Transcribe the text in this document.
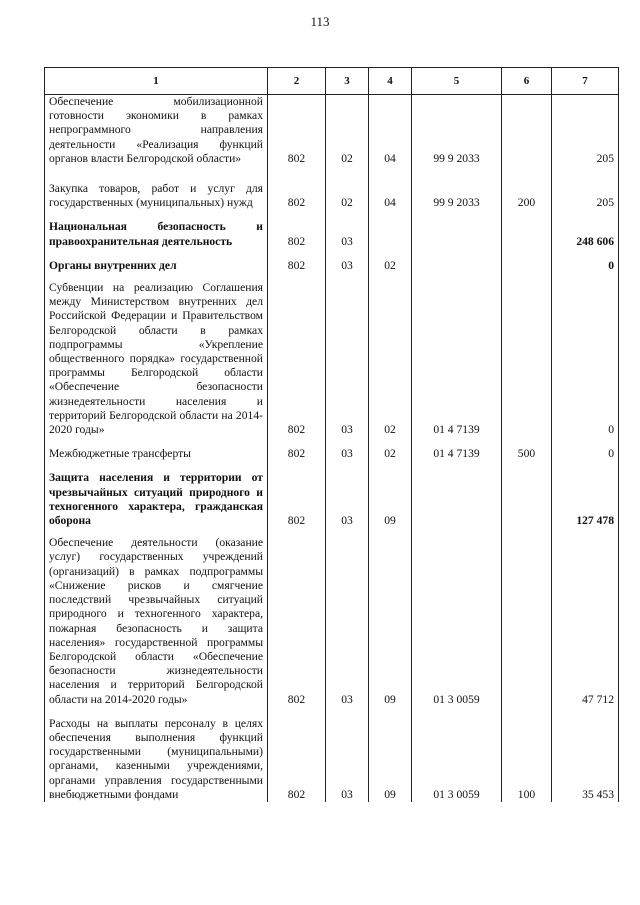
113
1	2	3	4	5	6	7
Обеспечение мобилизационной готовности экономики в рамках непрограммного направления деятельности «Реализация функций органов власти Белгородской области»	802	02	04	99 9 2033		205
Закупка товаров, работ и услуг для государственных (муниципальных) нужд	802	02	04	99 9 2033	200	205
Национальная безопасность и правоохранительная деятельность	802	03				248 606
Органы внутренних дел	802	03	02			0
Субвенции на реализацию Соглашения между Министерством внутренних дел Российской Федерации и Правительством Белгородской области в рамках подпрограммы «Укрепление общественного порядка» государственной программы Белгородской области «Обеспечение безопасности жизнедеятельности населения и территорий Белгородской области на 2014-2020 годы»	802	03	02	01 4 7139		0
Межбюджетные трансферты	802	03	02	01 4 7139	500	0
Защита населения и территории от чрезвычайных ситуаций природного и техногенного характера, гражданская оборона	802	03	09			127 478
Обеспечение деятельности (оказание услуг) государственных учреждений (организаций) в рамках подпрограммы «Снижение рисков и смягчение последствий чрезвычайных ситуаций природного и техногенного характера, пожарная безопасность и защита населения» государственной программы Белгородской области «Обеспечение безопасности жизнедеятельности населения и территорий Белгородской области на 2014-2020 годы»	802	03	09	01 3 0059		47 712
Расходы на выплаты персоналу в целях обеспечения выполнения функций государственными (муниципальными) органами, казенными учреждениями, органами управления государственными внебюджетными фондами	802	03	09	01 3 0059	100	35 453
